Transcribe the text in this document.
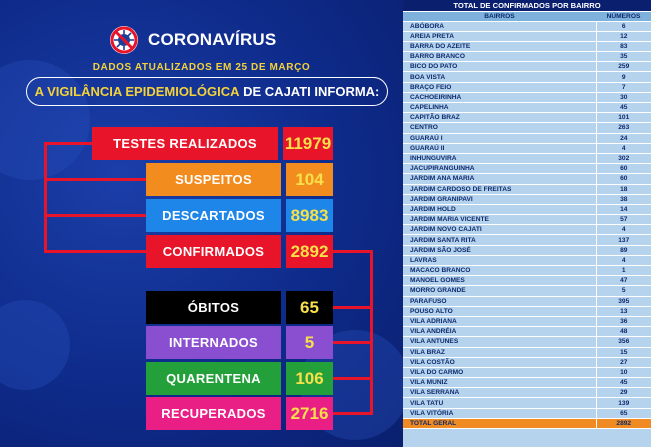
CORONAVÍRUS
DADOS ATUALIZADOS EM 25 DE MARÇO
A VIGILÂNCIA EPIDEMIOLÓGICA
DE CAJATI INFORMA:
TESTES REALIZADOS	11979
SUSPEITOS	104
DESCARTADOS	8983
CONFIRMADOS	2892
ÓBITOS	65
INTERNADOS	5
QUARENTENA	106
RECUPERADOS	2716
TOTAL DE CONFIRMADOS POR BAIRRO	
BAIRROS	NÚMEROS
ABÓBORA	6
AREIA PRETA	12
BARRA DO AZEITE	83
BARRO BRANCO	35
BICO DO PATO	259
BOA VISTA	9
BRAÇO FEIO	7
CACHOEIRINHA	30
CAPELINHA	45
CAPITÃO BRAZ	101
CENTRO	263
GUARAÚ I	24
GUARAÚ II	4
INHUNGUVIRA	302
JACUPIRANGUINHA	60
JARDIM ANA MARIA	60
JARDIM CARDOSO DE FREITAS	18
JARDIM GRANIPAVI	38
JARDIM HOLD	14
JARDIM MARIA VICENTE	57
JARDIM NOVO CAJATI	4
JARDIM SANTA RITA	137
JARDIM SÃO JOSÉ	89
LAVRAS	4
MACACO BRANCO	1
MANOEL GOMES	47
MORRO GRANDE	5
PARAFUSO	395
POUSO ALTO	13
VILA ADRIANA	36
VILA ANDRÉIA	48
VILA ANTUNES	356
VILA BRAZ	15
VILA COSTÃO	27
VILA DO CARMO	10
VILA MUNIZ	45
VILA SERRANA	29
VILA TATU	139
VILA VITÓRIA	65
TOTAL GERAL	2892
